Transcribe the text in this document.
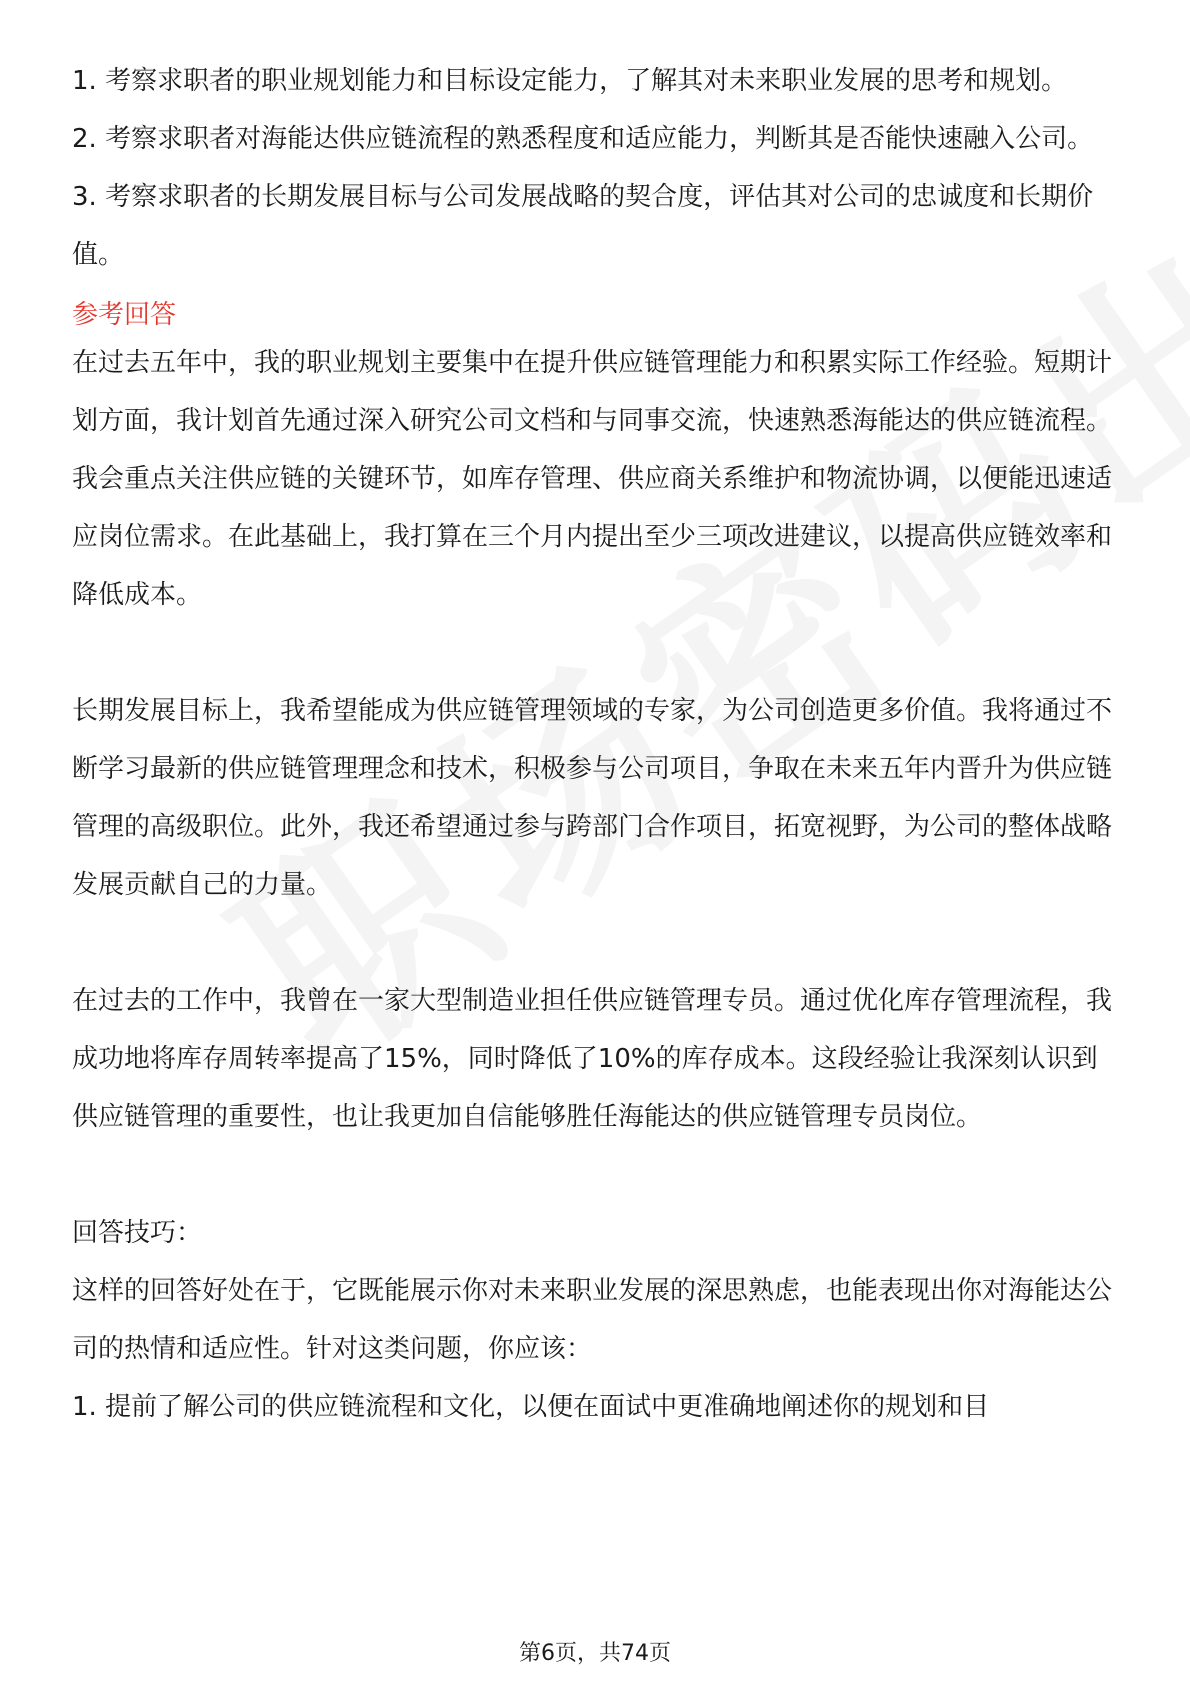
1. 考察求职者的职业规划能力和目标设定能力，了解其对未来职业发展的思考和规划。

2. 考察求职者对海能达供应链流程的熟悉程度和适应能力，判断其是否能快速融入公司。

3. 考察求职者的长期发展目标与公司发展战略的契合度，评估其对公司的忠诚度和长期价值。

参考回答

在过去五年中，我的职业规划主要集中在提升供应链管理能力和积累实际工作经验。短期计划方面，我计划首先通过深入研究公司文档和与同事交流，快速熟悉海能达的供应链流程。我会重点关注供应链的关键环节，如库存管理、供应商关系维护和物流协调，以便能迅速适应岗位需求。在此基础上，我打算在三个月内提出至少三项改进建议，以提高供应链效率和降低成本。

长期发展目标上，我希望能成为供应链管理领域的专家，为公司创造更多价值。我将通过不断学习最新的供应链管理理念和技术，积极参与公司项目，争取在未来五年内晋升为供应链管理的高级职位。此外，我还希望通过参与跨部门合作项目，拓宽视野，为公司的整体战略发展贡献自己的力量。

在过去的工作中，我曾在一家大型制造业担任供应链管理专员。通过优化库存管理流程，我成功地将库存周转率提高了15%，同时降低了10%的库存成本。这段经验让我深刻认识到供应链管理的重要性，也让我更加自信能够胜任海能达的供应链管理专员岗位。

回答技巧：

这样的回答好处在于，它既能展示你对未来职业发展的深思熟虑，也能表现出你对海能达公司的热情和适应性。针对这类问题，你应该：

1. 提前了解公司的供应链流程和文化，以便在面试中更准确地阐述你的规划和目

第6页，共74页
